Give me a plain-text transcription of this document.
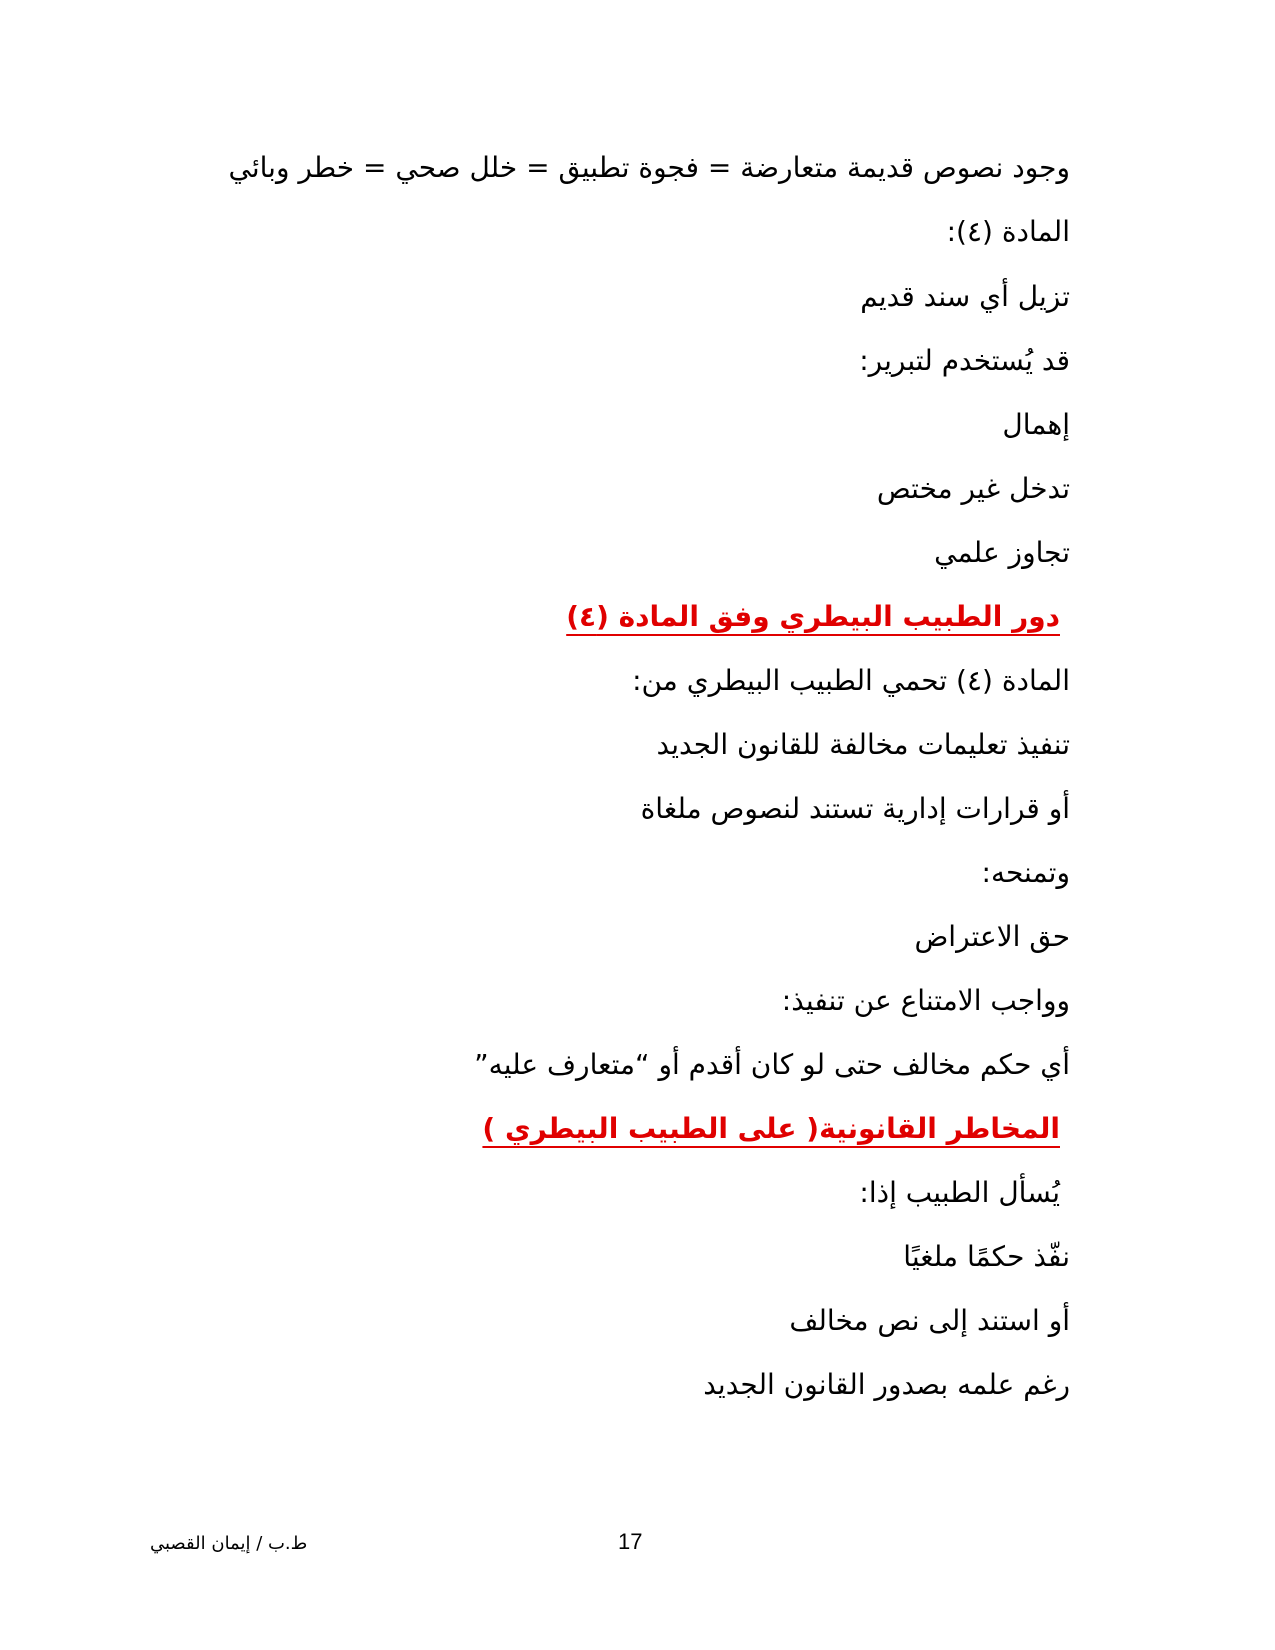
وجود نصوص قديمة متعارضة = فجوة تطبيق = خلل صحي = خطر وبائي
المادة (٤):
تزيل أي سند قديم
قد يُستخدم لتبرير:
إهمال
تدخل غير مختص
تجاوز علمي
دور الطبيب البيطري وفق المادة (٤)
المادة (٤) تحمي الطبيب البيطري من:
تنفيذ تعليمات مخالفة للقانون الجديد
أو قرارات إدارية تستند لنصوص ملغاة
وتمنحه:
حق الاعتراض
وواجب الامتناع عن تنفيذ:
أي حكم مخالف حتى لو كان أقدم أو “متعارف عليه”
المخاطر القانونية( على الطبيب البيطري )
يُسأل الطبيب إذا:
نفّذ حكمًا ملغيًا
أو استند إلى نص مخالف
رغم علمه بصدور القانون الجديد
ط.ب / إيمان القصبي	17
